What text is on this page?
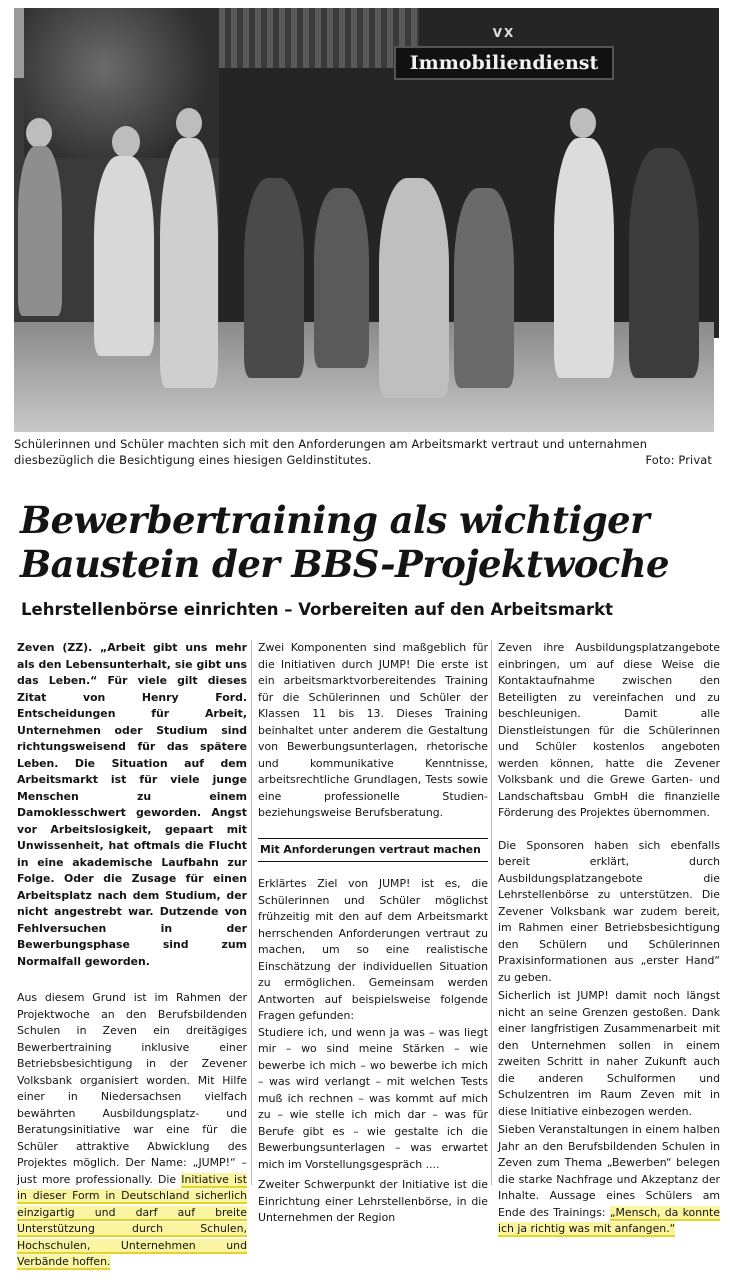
VX
Immobiliendienst
Schülerinnen und Schüler machten sich mit den Anforderungen am Arbeitsmarkt vertraut und unternahmen diesbezüglich die Besichtigung eines hiesigen Geldinstitutes.	Foto: Privat
Bewerbertraining als wichtiger
Baustein der BBS-Projektwoche
Lehrstellenbörse einrichten – Vorbereiten auf den Arbeitsmarkt

Zeven (ZZ). „Arbeit gibt uns mehr als den Lebensunterhalt, sie gibt uns das Leben.“ Für viele gilt dieses Zitat von Henry Ford. Entscheidungen für Arbeit, Unternehmen oder Studium sind richtungsweisend für das spätere Leben. Die Situation auf dem Arbeitsmarkt ist für viele junge Menschen zu einem Damoklesschwert geworden. Angst vor Arbeitslosigkeit, gepaart mit Unwissenheit, hat oftmals die Flucht in eine akademische Laufbahn zur Folge. Oder die Zusage für einen Arbeitsplatz nach dem Studium, der nicht angestrebt war. Dutzende von Fehlversuchen in der Bewerbungsphase sind zum Normalfall geworden.

Aus diesem Grund ist im Rahmen der Projektwoche an den Berufsbildenden Schulen in Zeven ein dreitägiges Bewerbertraining inklusive einer Betriebsbesichtigung in der Zevener Volksbank organisiert worden. Mit Hilfe einer in Niedersachsen vielfach bewährten Ausbildungsplatz- und Beratungsinitiative war eine für die Schüler attraktive Abwicklung des Projektes möglich. Der Name: „JUMP!“ – just more professionally. Die Initiative ist in dieser Form in Deutschland sicherlich einzigartig und darf auf breite Unterstützung durch Schulen, Hochschulen, Unternehmen und Verbände hoffen.

Zwei Komponenten sind maßgeblich für die Initiativen durch JUMP! Die erste ist ein arbeitsmarktvorbereitendes Training für die Schülerinnen und Schüler der Klassen 11 bis 13. Dieses Training beinhaltet unter anderem die Gestaltung von Bewerbungsunterlagen, rhetorische und kommunikative Kenntnisse, arbeitsrechtliche Grundlagen, Tests sowie eine professionelle Studien- beziehungsweise Berufsberatung.

Mit Anforderungen vertraut machen

Erklärtes Ziel von JUMP! ist es, die Schülerinnen und Schüler möglichst frühzeitig mit den auf dem Arbeitsmarkt herrschenden Anforderungen vertraut zu machen, um so eine realistische Einschätzung der individuellen Situation zu ermöglichen. Gemeinsam werden Antworten auf beispielsweise folgende Fragen gefunden:

Studiere ich, und wenn ja was – was liegt mir – wo sind meine Stärken – wie bewerbe ich mich – wo bewerbe ich mich – was wird verlangt – mit welchen Tests muß ich rechnen – was kommt auf mich zu – wie stelle ich mich dar – was für Berufe gibt es – wie gestalte ich die Bewerbungsunterlagen – was erwartet mich im Vorstellungsgespräch ....

Zweiter Schwerpunkt der Initiative ist die Einrichtung einer Lehrstellenbörse, in die Unternehmen der Region

Zeven ihre Ausbildungsplatzangebote einbringen, um auf diese Weise die Kontaktaufnahme zwischen den Beteiligten zu vereinfachen und zu beschleunigen. Damit alle Dienstleistungen für die Schülerinnen und Schüler kostenlos angeboten werden können, hatte die Zevener Volksbank und die Grewe Garten- und Landschaftsbau GmbH die finanzielle Förderung des Projektes übernommen.

Die Sponsoren haben sich ebenfalls bereit erklärt, durch Ausbildungsplatzangebote die Lehrstellenbörse zu unterstützen. Die Zevener Volksbank war zudem bereit, im Rahmen einer Betriebsbesichtigung den Schülern und Schülerinnen Praxisinformationen aus „erster Hand“ zu geben.

Sicherlich ist JUMP! damit noch längst nicht an seine Grenzen gestoßen. Dank einer langfristigen Zusammenarbeit mit den Unternehmen sollen in einem zweiten Schritt in naher Zukunft auch die anderen Schulformen und Schulzentren im Raum Zeven mit in diese Initiative einbezogen werden.

Sieben Veranstaltungen in einem halben Jahr an den Berufsbildenden Schulen in Zeven zum Thema „Bewerben“ belegen die starke Nachfrage und Akzeptanz der Inhalte. Aussage eines Schülers am Ende des Trainings: „Mensch, da konnte ich ja richtig was mit anfangen.“
